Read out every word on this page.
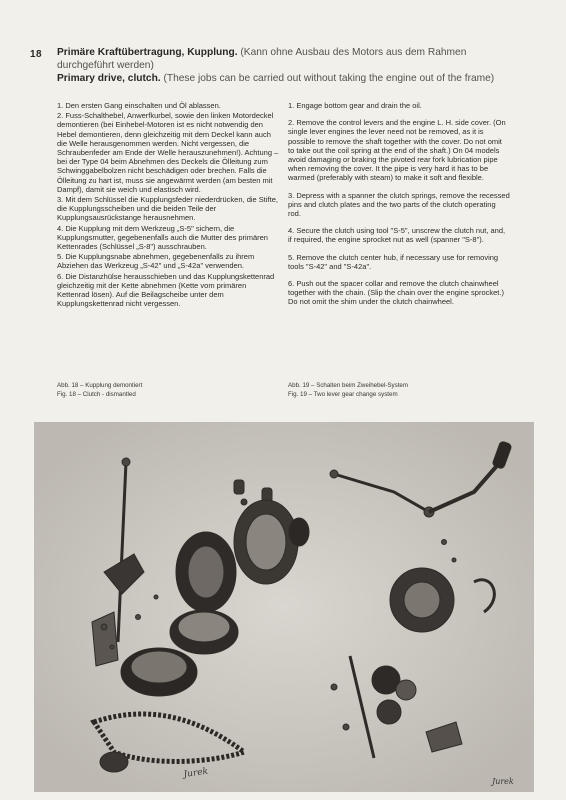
18 Primäre Kraftübertragung, Kupplung. (Kann ohne Ausbau des Motors aus dem Rahmen durchgeführt werden)
Primary drive, clutch. (These jobs can be carried out without taking the engine out of the frame)

1. Den ersten Gang einschalten und Öl ablassen.

2. Fuss-Schalthebel, Anwerfkurbel, sowie den linken Motordeckel demontieren (bei Einhebel-Motoren ist es nicht notwendig den Hebel demontieren, denn gleichzeitig mit dem Deckel kann auch die Welle herausgenommen werden. Nicht vergessen, die Schraubenfeder am Ende der Welle herauszunehmen!). Achtung – bei der Type 04 beim Abnehmen des Deckels die Ölleitung zum Schwinggabelbolzen nicht beschädigen oder brechen. Falls die Ölleitung zu hart ist, muss sie angewärmt werden (am besten mit Dampf), damit sie weich und elastisch wird.

3. Mit dem Schlüssel die Kupplungsfeder niederdrücken, die Stifte, die Kupplungsscheiben und die beiden Teile der Kupplungsausrückstange herausnehmen.

4. Die Kupplung mit dem Werkzeug „S-5" sichern, die Kupplungsmutter, gegebenenfalls auch die Mutter des primären Kettenrades (Schlüssel „S-8") ausschrauben.

5. Die Kupplungsnabe abnehmen, gegebenenfalls zu ihrem Abziehen das Werkzeug „S-42" und „S-42a" verwenden.

6. Die Distanzhülse herausschieben und das Kupplungskettenrad gleichzeitig mit der Kette abnehmen (Kette vom primären Kettenrad lösen). Auf die Beilagscheibe unter dem Kupplungskettenrad nicht vergessen.

1. Engage bottom gear and drain the oil.

2. Remove the control levers and the engine L. H. side cover. (On single lever engines the lever need not be removed, as it is possible to remove the shaft together with the cover. Do not omit to take out the coil spring at the end of the shaft.) On 04 models avoid damaging or braking the pivoted rear fork lubrication pipe when removing the cover. It the pipe is very hard it has to be warmed (preferably with steam) to make it soft and flexible.

3. Depress with a spanner the clutch springs, remove the recessed pins and clutch plates and the two parts of the clutch operating rod.

4. Secure the clutch using tool "S-5", unscrew the clutch nut, and, if required, the engine sprocket nut as well (spanner "S-8").

5. Remove the clutch center hub, if necessary use for removing tools "S-42" and "S-42a".

6. Push out the spacer collar and remove the clutch chainwheel together with the chain. (Slip the chain over the engine sprocket.) Do not omit the shim under the clutch chainwheel.

Abb. 18 – Kupplung demontiert
Fig. 18 – Clutch - dismantled
Abb. 19 – Schalten beim Zweihebel-System
Fig. 19 – Two lever gear change system
Jurek
Jurek
